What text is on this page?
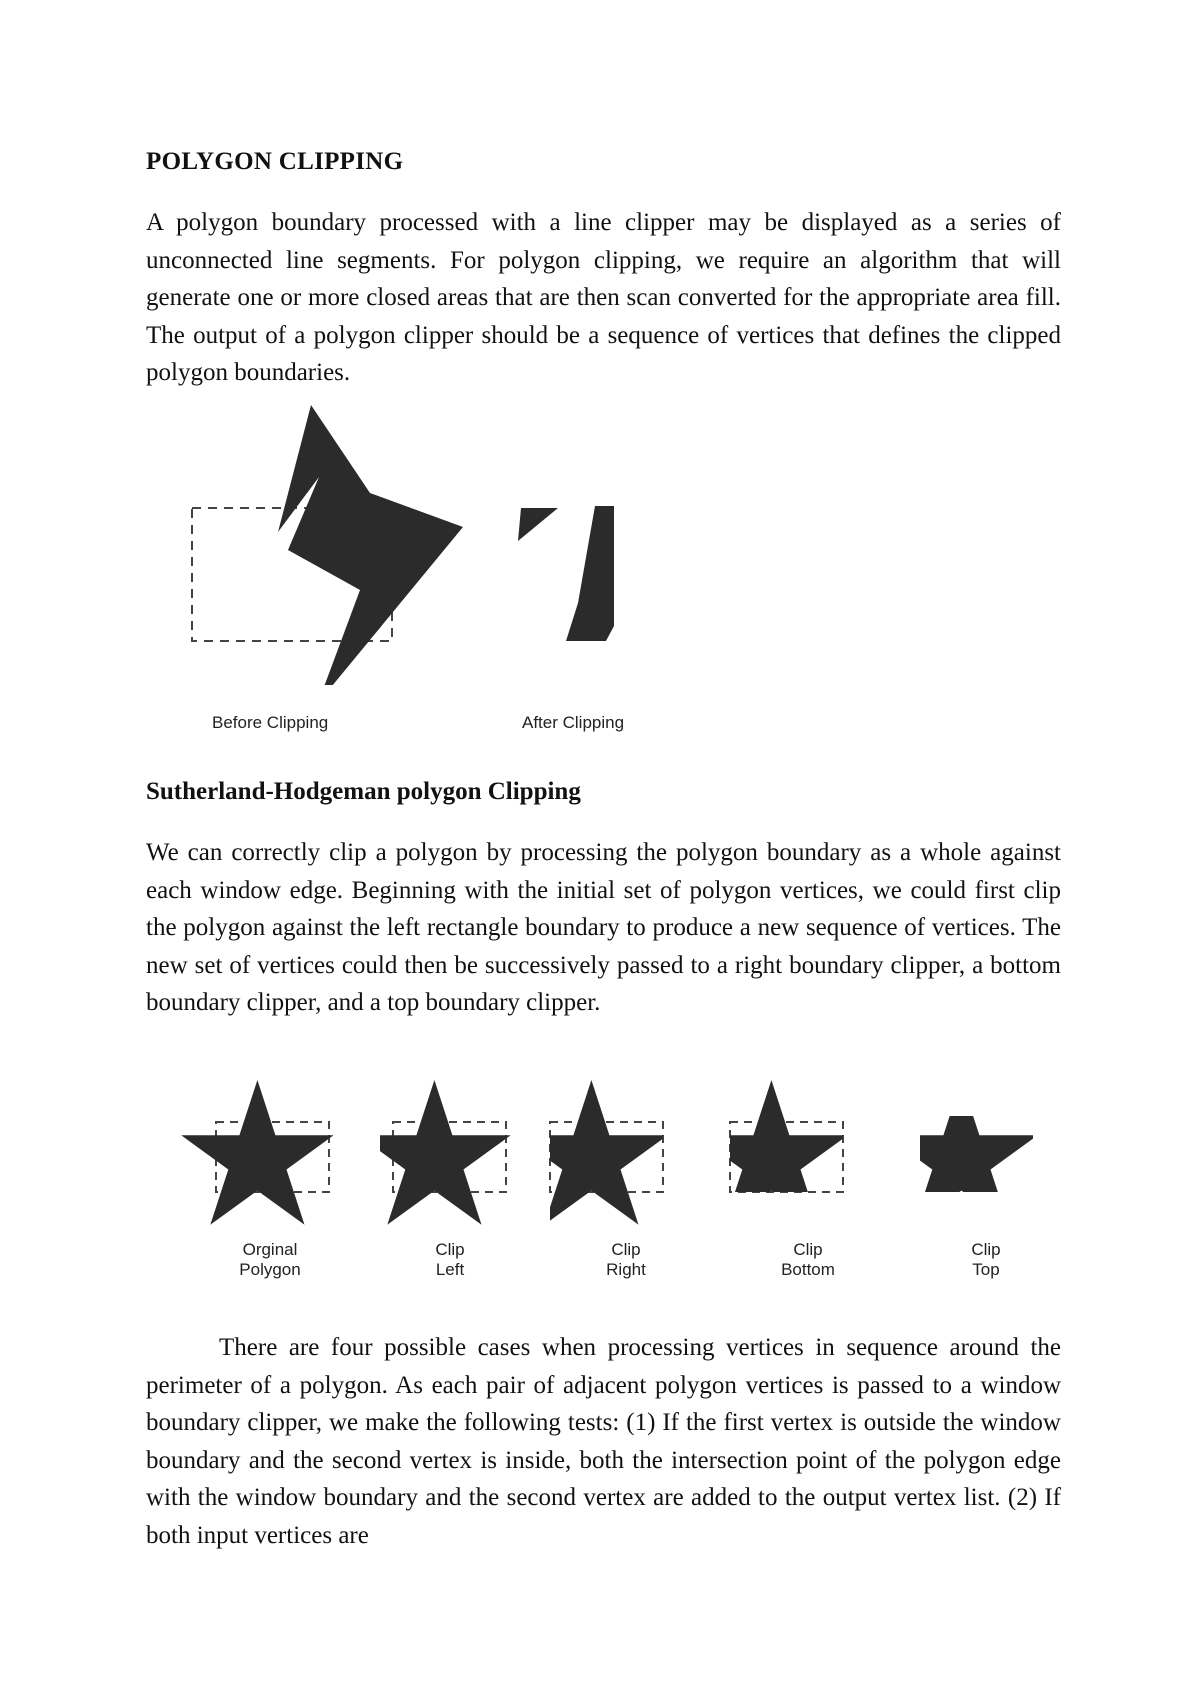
POLYGON CLIPPING

A polygon boundary processed with a line clipper may be displayed as a series of unconnected line segments. For polygon clipping, we require an algorithm that will generate one or more closed areas that are then scan converted for the appropriate area fill. The output of a polygon clipper should be a sequence of vertices that defines the clipped polygon boundaries.

Before Clipping	After Clipping
Sutherland-Hodgeman polygon Clipping

We can correctly clip a polygon by processing the polygon boundary as a whole against each window edge. Beginning with the initial set of polygon vertices, we could first clip the polygon against the left rectangle boundary to produce a new sequence of vertices. The new set of vertices could then be successively passed to a right boundary clipper, a bottom boundary clipper, and a top boundary clipper.

Orginal
Polygon
Clip
Left
Clip
Right
Clip
Bottom
Clip
Top

There are four possible cases when processing vertices in sequence around the perimeter of a polygon. As each pair of adjacent polygon vertices is passed to a window boundary clipper, we make the following tests: (1) If the first vertex is outside the window boundary and the second vertex is inside, both the intersection point of the polygon edge with the window boundary and the second vertex are added to the output vertex list. (2) If both input vertices are
